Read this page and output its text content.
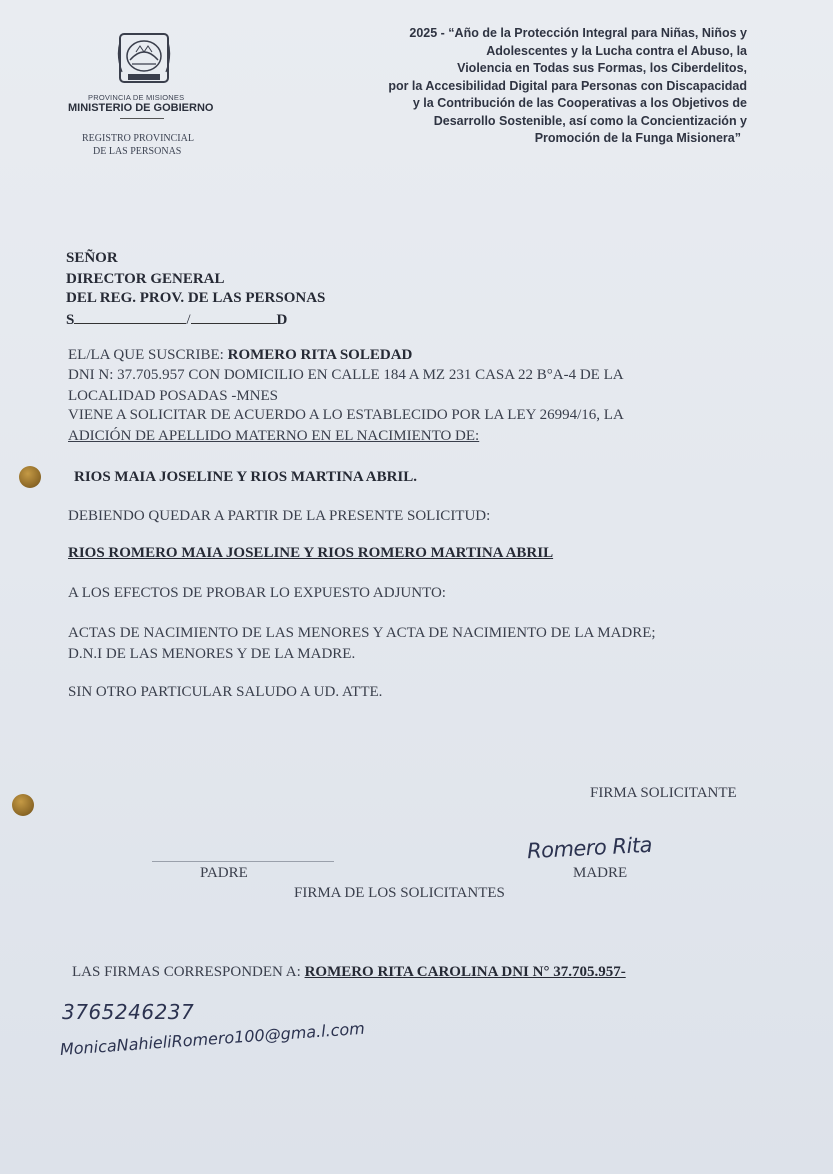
PROVINCIA DE MISIONES
MINISTERIO DE GOBIERNO
REGISTRO PROVINCIAL
DE LAS PERSONAS
2025 - “Año de la Protección Integral para Niñas, Niños y
Adolescentes y la Lucha contra el Abuso, la
Violencia en Todas sus Formas, los Ciberdelitos,
por la Accesibilidad Digital para Personas con Discapacidad
y la Contribución de las Cooperativas a los Objetivos de
Desarrollo Sostenible, así como la Concientización y
Promoción de la Funga Misionera”
SEÑOR
DIRECTOR GENERAL
DEL REG. PROV. DE LAS PERSONAS
S	/	D
EL/LA QUE SUSCRIBE: ROMERO RITA SOLEDAD
DNI N: 37.705.957 CON DOMICILIO EN CALLE 184 A MZ 231 CASA 22 B°A-4 DE LA
LOCALIDAD POSADAS -MNES
VIENE A SOLICITAR DE ACUERDO A LO ESTABLECIDO POR LA LEY 26994/16, LA
ADICIÓN DE APELLIDO MATERNO EN EL NACIMIENTO DE:
RIOS MAIA JOSELINE Y RIOS MARTINA ABRIL.
DEBIENDO QUEDAR A PARTIR DE LA PRESENTE SOLICITUD:
RIOS ROMERO MAIA JOSELINE Y RIOS ROMERO MARTINA ABRIL
A LOS EFECTOS DE PROBAR LO EXPUESTO ADJUNTO:
ACTAS DE NACIMIENTO DE LAS MENORES Y ACTA DE NACIMIENTO DE LA MADRE;
D.N.I DE LAS MENORES Y DE LA MADRE.
SIN OTRO PARTICULAR SALUDO A UD. ATTE.
FIRMA SOLICITANTE
Romero Rita
PADRE	MADRE
FIRMA DE LOS SOLICITANTES
LAS FIRMAS CORRESPONDEN A: ROMERO RITA CAROLINA DNI N° 37.705.957-
3765246237
MonicaNahieliRomero100@gma.l.com
